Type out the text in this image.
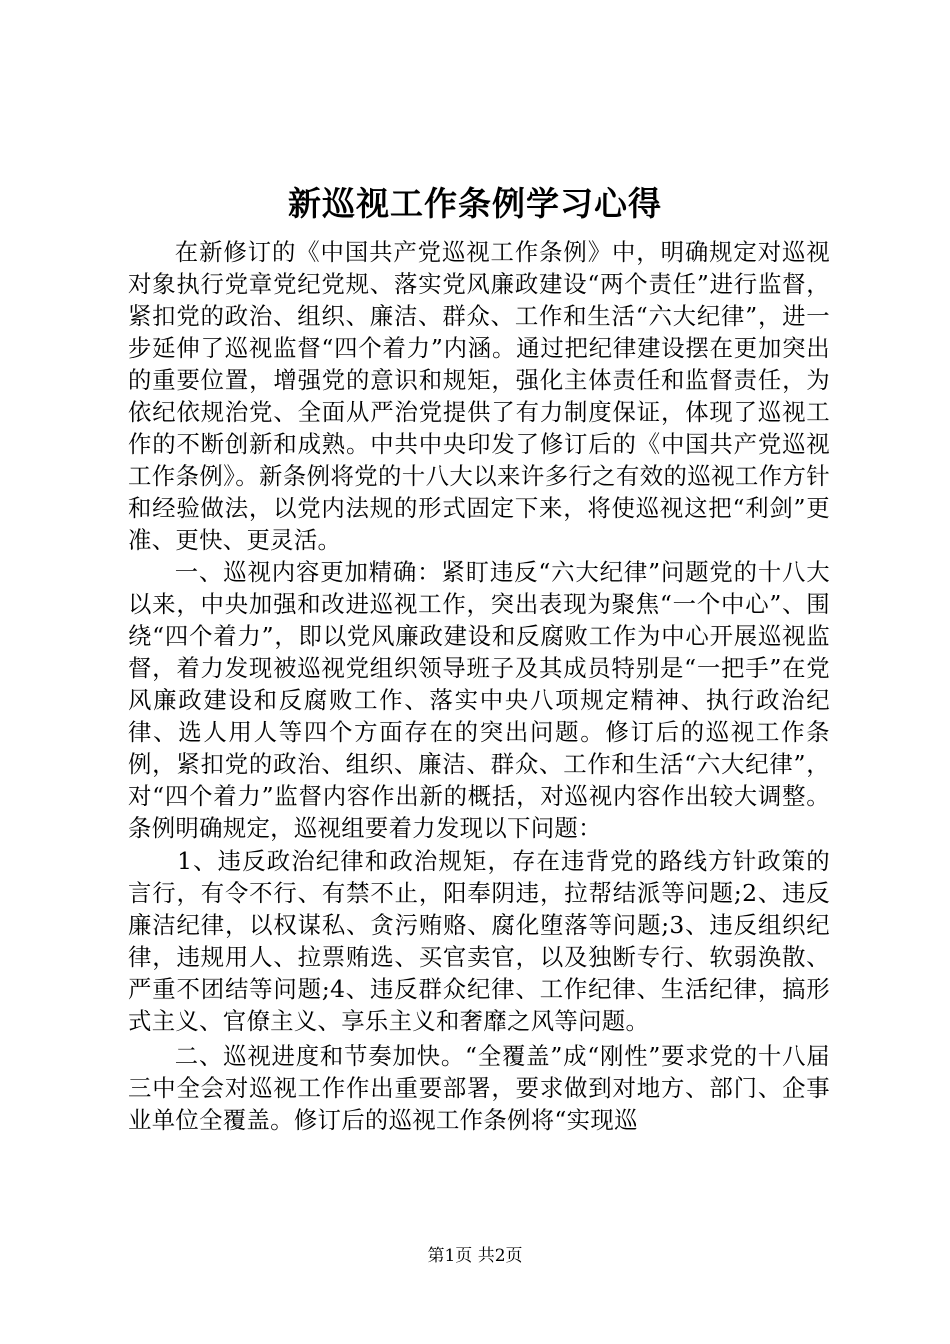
新巡视工作条例学习心得

在新修订的《中国共产党巡视工作条例》中，明确规定对巡视对象执行党章党纪党规、落实党风廉政建设“两个责任”进行监督，紧扣党的政治、组织、廉洁、群众、工作和生活“六大纪律”，进一步延伸了巡视监督“四个着力”内涵。通过把纪律建设摆在更加突出的重要位置，增强党的意识和规矩，强化主体责任和监督责任，为依纪依规治党、全面从严治党提供了有力制度保证，体现了巡视工作的不断创新和成熟。中共中央印发了修订后的《中国共产党巡视工作条例》。新条例将党的十八大以来许多行之有效的巡视工作方针和经验做法，以党内法规的形式固定下来，将使巡视这把“利剑”更准、更快、更灵活。

一、巡视内容更加精确：紧盯违反“六大纪律”问题党的十八大以来，中央加强和改进巡视工作，突出表现为聚焦“一个中心”、围绕“四个着力”，即以党风廉政建设和反腐败工作为中心开展巡视监督，着力发现被巡视党组织领导班子及其成员特别是“一把手”在党风廉政建设和反腐败工作、落实中央八项规定精神、执行政治纪律、选人用人等四个方面存在的突出问题。修订后的巡视工作条例，紧扣党的政治、组织、廉洁、群众、工作和生活“六大纪律”，对“四个着力”监督内容作出新的概括，对巡视内容作出较大调整。条例明确规定，巡视组要着力发现以下问题：

1、违反政治纪律和政治规矩，存在违背党的路线方针政策的言行，有令不行、有禁不止，阳奉阴违，拉帮结派等问题;2、违反廉洁纪律，以权谋私、贪污贿赂、腐化堕落等问题;3、违反组织纪律，违规用人、拉票贿选、买官卖官，以及独断专行、软弱涣散、严重不团结等问题;4、违反群众纪律、工作纪律、生活纪律，搞形式主义、官僚主义、享乐主义和奢靡之风等问题。

二、巡视进度和节奏加快。“全覆盖”成“刚性”要求党的十八届三中全会对巡视工作作出重要部署，要求做到对地方、部门、企事业单位全覆盖。修订后的巡视工作条例将“实现巡

第1页 共2页
